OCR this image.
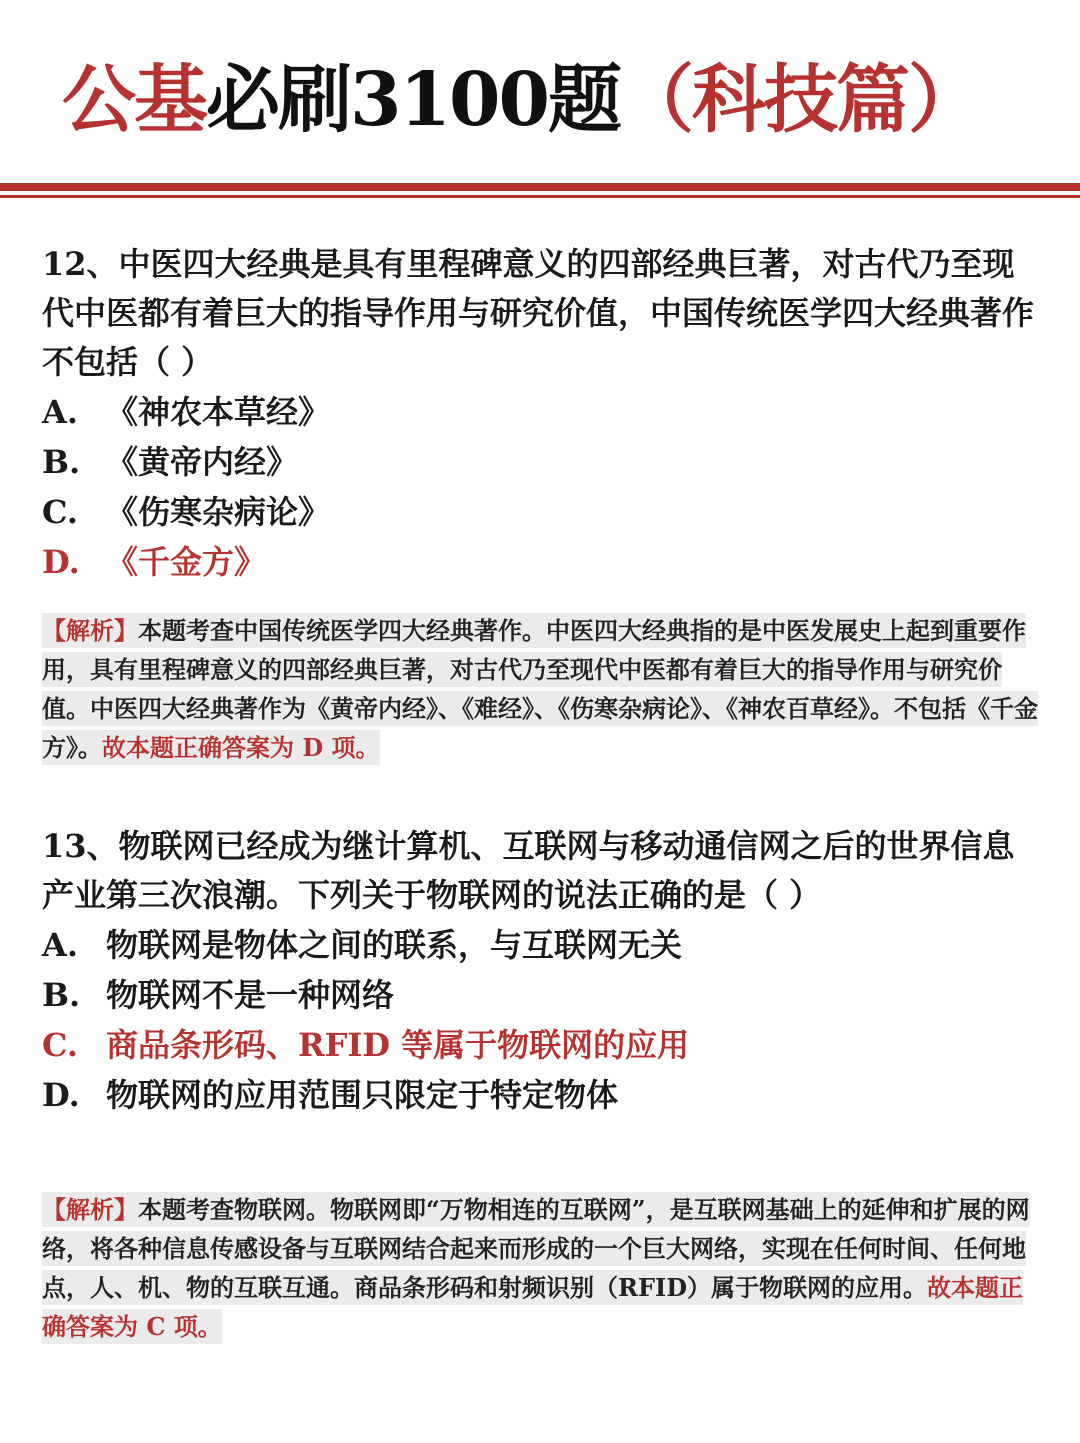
公基必刷3100题（科技篇）

12、中医四大经典是具有里程碑意义的四部经典巨著，对古代乃至现代中医都有着巨大的指导作用与研究价值，中国传统医学四大经典著作不包括（ ）

A. 《神农本草经》
B. 《黄帝内经》
C. 《伤寒杂病论》
D. 《千金方》

【解析】本题考查中国传统医学四大经典著作。中医四大经典指的是中医发展史上起到重要作用，具有里程碑意义的四部经典巨著，对古代乃至现代中医都有着巨大的指导作用与研究价值。中医四大经典著作为《黄帝内经》、《难经》、《伤寒杂病论》、《神农百草经》。不包括《千金方》。故本题正确答案为 D 项。

13、物联网已经成为继计算机、互联网与移动通信网之后的世界信息产业第三次浪潮。下列关于物联网的说法正确的是（ ）

A. 物联网是物体之间的联系，与互联网无关
B. 物联网不是一种网络
C. 商品条形码、RFID 等属于物联网的应用
D. 物联网的应用范围只限定于特定物体

【解析】本题考查物联网。物联网即“万物相连的互联网”，是互联网基础上的延伸和扩展的网络，将各种信息传感设备与互联网结合起来而形成的一个巨大网络，实现在任何时间、任何地点，人、机、物的互联互通。商品条形码和射频识别（RFID）属于物联网的应用。故本题正确答案为 C 项。
